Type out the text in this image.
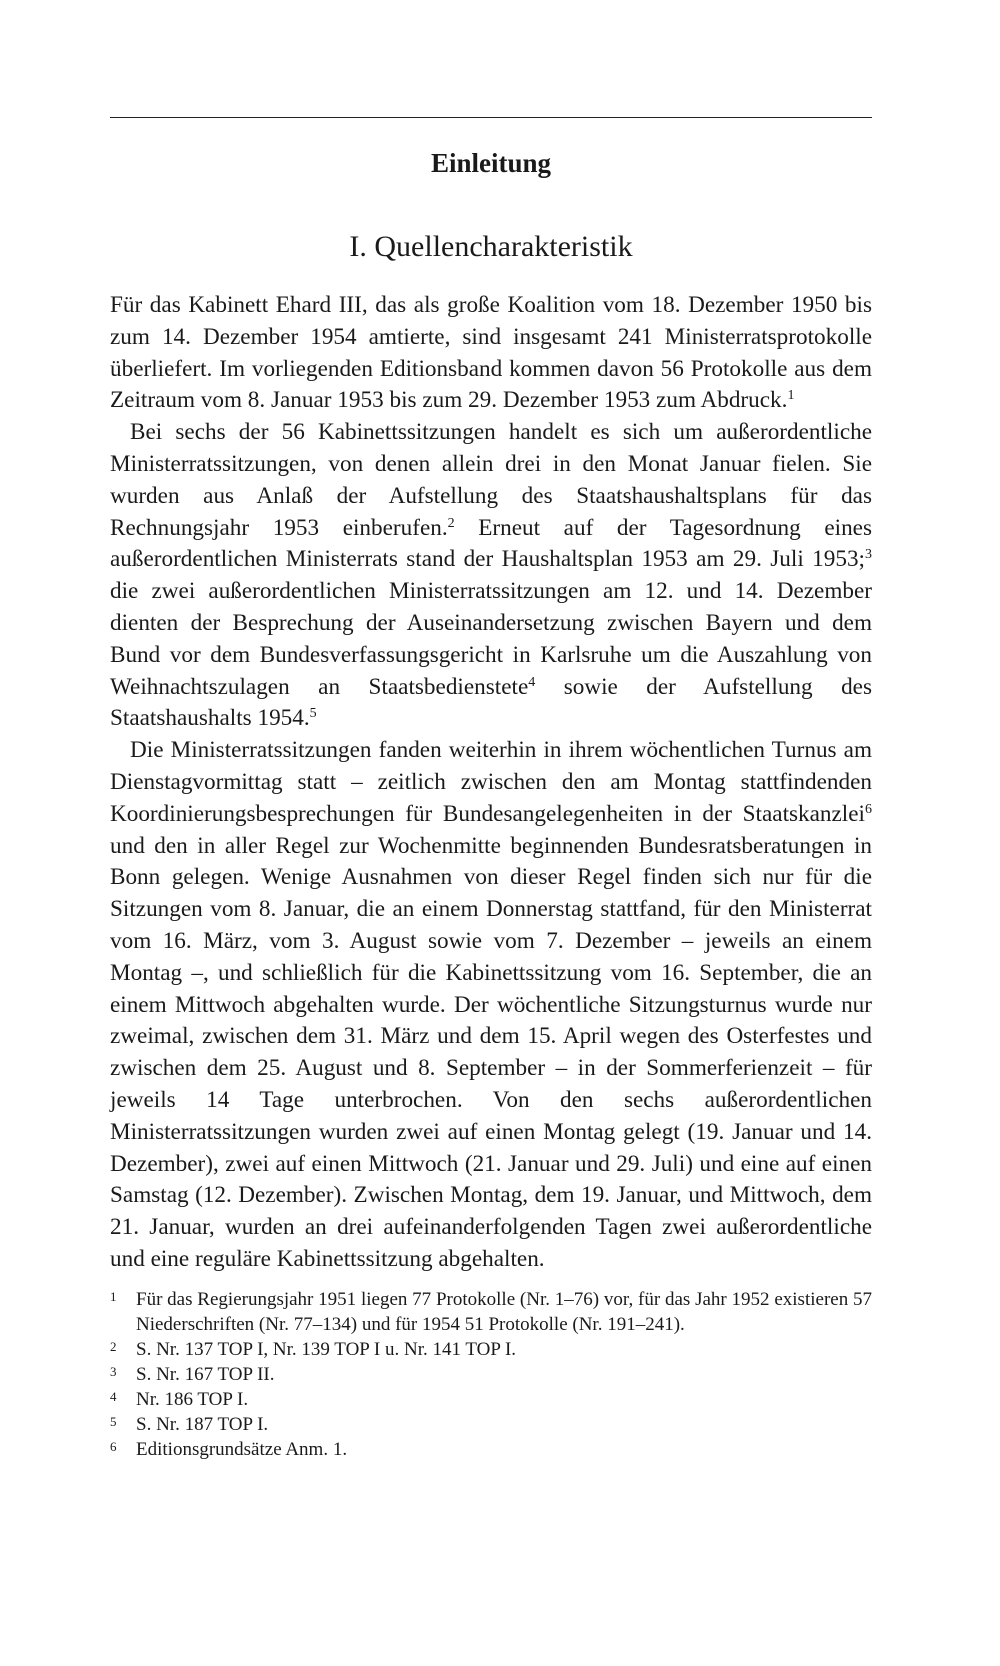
Einleitung
I. Quellencharakteristik

Für das Kabinett Ehard III, das als große Koalition vom 18. Dezember 1950 bis zum 14. Dezember 1954 amtierte, sind insgesamt 241 Ministerratsprotokolle überliefert. Im vorliegenden Editionsband kommen davon 56 Protokolle aus dem Zeitraum vom 8. Januar 1953 bis zum 29. Dezember 1953 zum Abdruck.$^1$

Bei sechs der 56 Kabinettssitzungen handelt es sich um außerordentliche Ministerratssitzungen, von denen allein drei in den Monat Januar fielen. Sie wurden aus Anlaß der Aufstellung des Staatshaushaltsplans für das Rechnungsjahr 1953 einberufen.$^2$ Erneut auf der Tagesordnung eines außerordentlichen Ministerrats stand der Haushaltsplan 1953 am 29. Juli 1953;$^3$ die zwei außerordentlichen Ministerratssitzungen am 12. und 14. Dezember dienten der Besprechung der Auseinandersetzung zwischen Bayern und dem Bund vor dem Bundesverfassungsgericht in Karlsruhe um die Auszahlung von Weihnachtszulagen an Staatsbedienstete$^4$ sowie der Aufstellung des Staatshaushalts 1954.$^5$

Die Ministerratssitzungen fanden weiterhin in ihrem wöchentlichen Turnus am Dienstagvormittag statt – zeitlich zwischen den am Montag stattfindenden Koordinierungsbesprechungen für Bundesangelegenheiten in der Staatskanzlei$^6$ und den in aller Regel zur Wochenmitte beginnenden Bundesratsberatungen in Bonn gelegen. Wenige Ausnahmen von dieser Regel finden sich nur für die Sitzungen vom 8. Januar, die an einem Donnerstag stattfand, für den Ministerrat vom 16. März, vom 3. August sowie vom 7. Dezember – jeweils an einem Montag –, und schließlich für die Kabinettssitzung vom 16. September, die an einem Mittwoch abgehalten wurde. Der wöchentliche Sitzungsturnus wurde nur zweimal, zwischen dem 31. März und dem 15. April wegen des Osterfestes und zwischen dem 25. August und 8. September – in der Sommerferienzeit – für jeweils 14 Tage unterbrochen. Von den sechs außerordentlichen Ministerratssitzungen wurden zwei auf einen Montag gelegt (19. Januar und 14. Dezember), zwei auf einen Mittwoch (21. Januar und 29. Juli) und eine auf einen Samstag (12. Dezember). Zwischen Montag, dem 19. Januar, und Mittwoch, dem 21. Januar, wurden an drei aufeinanderfolgenden Tagen zwei außerordentliche und eine reguläre Kabinettssitzung abgehalten.

1	Für das Regierungsjahr 1951 liegen 77 Protokolle (Nr. 1–76) vor, für das Jahr 1952 existieren 57 Niederschriften (Nr. 77–134) und für 1954 51 Protokolle (Nr. 191–241).
2	S. Nr. 137 TOP I, Nr. 139 TOP I u. Nr. 141 TOP I.
3	S. Nr. 167 TOP II.
4	Nr. 186 TOP I.
5	S. Nr. 187 TOP I.
6	Editionsgrundsätze Anm. 1.
